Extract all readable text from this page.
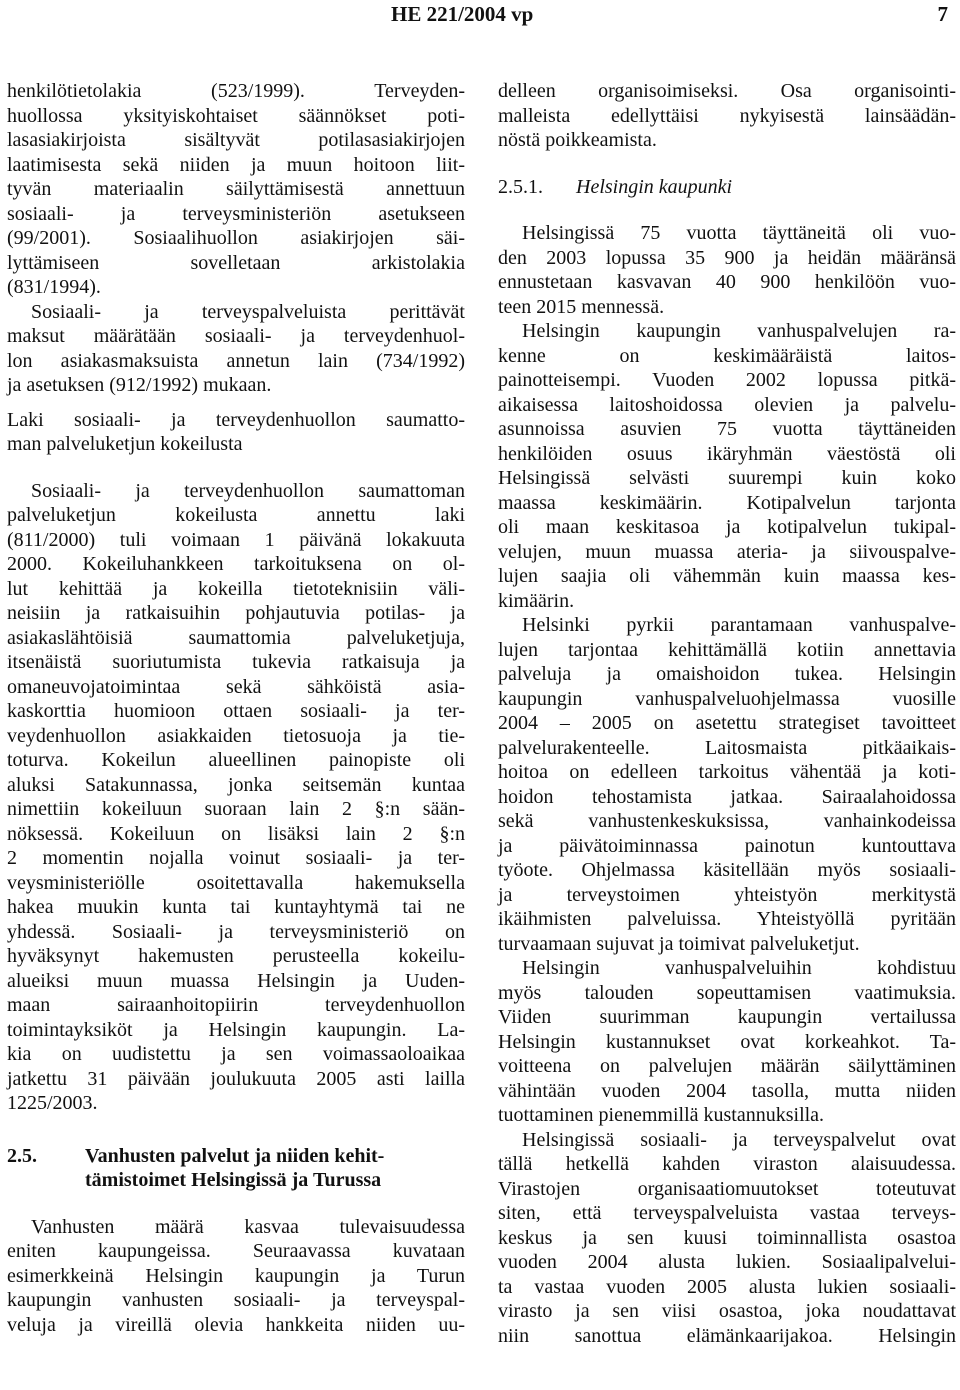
HE 221/2004 vp	7
henkilötietolakia (523/1999). Terveyden-
huollossa yksityiskohtaiset säännökset poti-
lasasiakirjoista sisältyvät potilasasiakirjojen
laatimisesta sekä niiden ja muun hoitoon liit-
tyvän materiaalin säilyttämisestä annettuun
sosiaali- ja terveysministeriön asetukseen
(99/2001). Sosiaalihuollon asiakirjojen säi-
lyttämiseen sovelletaan arkistolakia
(831/1994).
Sosiaali- ja terveyspalveluista perittävät
maksut määrätään sosiaali- ja terveydenhuol-
lon asiakasmaksuista annetun lain (734/1992)
ja asetuksen (912/1992) mukaan.
Laki sosiaali- ja terveydenhuollon saumatto-
man palveluketjun kokeilusta
Sosiaali- ja terveydenhuollon saumattoman
palveluketjun kokeilusta annettu laki
(811/2000) tuli voimaan 1 päivänä lokakuuta
2000. Kokeiluhankkeen tarkoituksena on ol-
lut kehittää ja kokeilla tietoteknisiin väli-
neisiin ja ratkaisuihin pohjautuvia potilas- ja
asiakaslähtöisiä saumattomia palveluketjuja,
itsenäistä suoriutumista tukevia ratkaisuja ja
omaneuvojatoimintaa sekä sähköistä asia-
kaskorttia huomioon ottaen sosiaali- ja ter-
veydenhuollon asiakkaiden tietosuoja ja tie-
toturva. Kokeilun alueellinen painopiste oli
aluksi Satakunnassa, jonka seitsemän kuntaa
nimettiin kokeiluun suoraan lain 2 §:n sään-
nöksessä. Kokeiluun on lisäksi lain 2 §:n
2 momentin nojalla voinut sosiaali- ja ter-
veysministeriölle osoitettavalla hakemuksella
hakea muukin kunta tai kuntayhtymä tai ne
yhdessä. Sosiaali- ja terveysministeriö on
hyväksynyt hakemusten perusteella kokeilu-
alueiksi muun muassa Helsingin ja Uuden-
maan sairaanhoitopiirin terveydenhuollon
toimintayksiköt ja Helsingin kaupungin. La-
kia on uudistettu ja sen voimassaoloaikaa
jatkettu 31 päivään joulukuuta 2005 asti lailla
1225/2003.
2.5. Vanhusten palvelut ja niiden kehit-
tämistoimet Helsingissä ja Turussa
Vanhusten määrä kasvaa tulevaisuudessa
eniten kaupungeissa. Seuraavassa kuvataan
esimerkkeinä Helsingin kaupungin ja Turun
kaupungin vanhusten sosiaali- ja terveyspal-
veluja ja vireillä olevia hankkeita niiden uu-
delleen organisoimiseksi. Osa organisointi-
malleista edellyttäisi nykyisestä lainsäädän-
nöstä poikkeamista.
2.5.1. Helsingin kaupunki
Helsingissä 75 vuotta täyttäneitä oli vuo-
den 2003 lopussa 35 900 ja heidän määränsä
ennustetaan kasvavan 40 900 henkilöön vuo-
teen 2015 mennessä.
Helsingin kaupungin vanhuspalvelujen ra-
kenne on keskimääräistä laitos-
painotteisempi. Vuoden 2002 lopussa pitkä-
aikaisessa laitoshoidossa olevien ja palvelu-
asunnoissa asuvien 75 vuotta täyttäneiden
henkilöiden osuus ikäryhmän väestöstä oli
Helsingissä selvästi suurempi kuin koko
maassa keskimäärin. Kotipalvelun tarjonta
oli maan keskitasoa ja kotipalvelun tukipal-
velujen, muun muassa ateria- ja siivouspalve-
lujen saajia oli vähemmän kuin maassa kes-
kimäärin.
Helsinki pyrkii parantamaan vanhuspalve-
lujen tarjontaa kehittämällä kotiin annettavia
palveluja ja omaishoidon tukea. Helsingin
kaupungin vanhuspalveluohjelmassa vuosille
2004 – 2005 on asetettu strategiset tavoitteet
palvelurakenteelle. Laitosmaista pitkäaikais-
hoitoa on edelleen tarkoitus vähentää ja koti-
hoidon tehostamista jatkaa. Sairaalahoidossa
sekä vanhustenkeskuksissa, vanhainkodeissa
ja päivätoiminnassa painotun kuntouttava
työote. Ohjelmassa käsitellään myös sosiaali-
ja terveystoimen yhteistyön merkitystä
ikäihmisten palveluissa. Yhteistyöllä pyritään
turvaamaan sujuvat ja toimivat palveluketjut.
Helsingin vanhuspalveluihin kohdistuu
myös talouden sopeuttamisen vaatimuksia.
Viiden suurimman kaupungin vertailussa
Helsingin kustannukset ovat korkeahkot. Ta-
voitteena on palvelujen määrän säilyttäminen
vähintään vuoden 2004 tasolla, mutta niiden
tuottaminen pienemmillä kustannuksilla.
Helsingissä sosiaali- ja terveyspalvelut ovat
tällä hetkellä kahden viraston alaisuudessa.
Virastojen organisaatiomuutokset toteutuvat
siten, että terveyspalveluista vastaa terveys-
keskus ja sen kuusi toiminnallista osastoa
vuoden 2004 alusta lukien. Sosiaalipalvelui-
ta vastaa vuoden 2005 alusta lukien sosiaali-
virasto ja sen viisi osastoa, joka noudattavat
niin sanottua elämänkaarijakoa. Helsingin
